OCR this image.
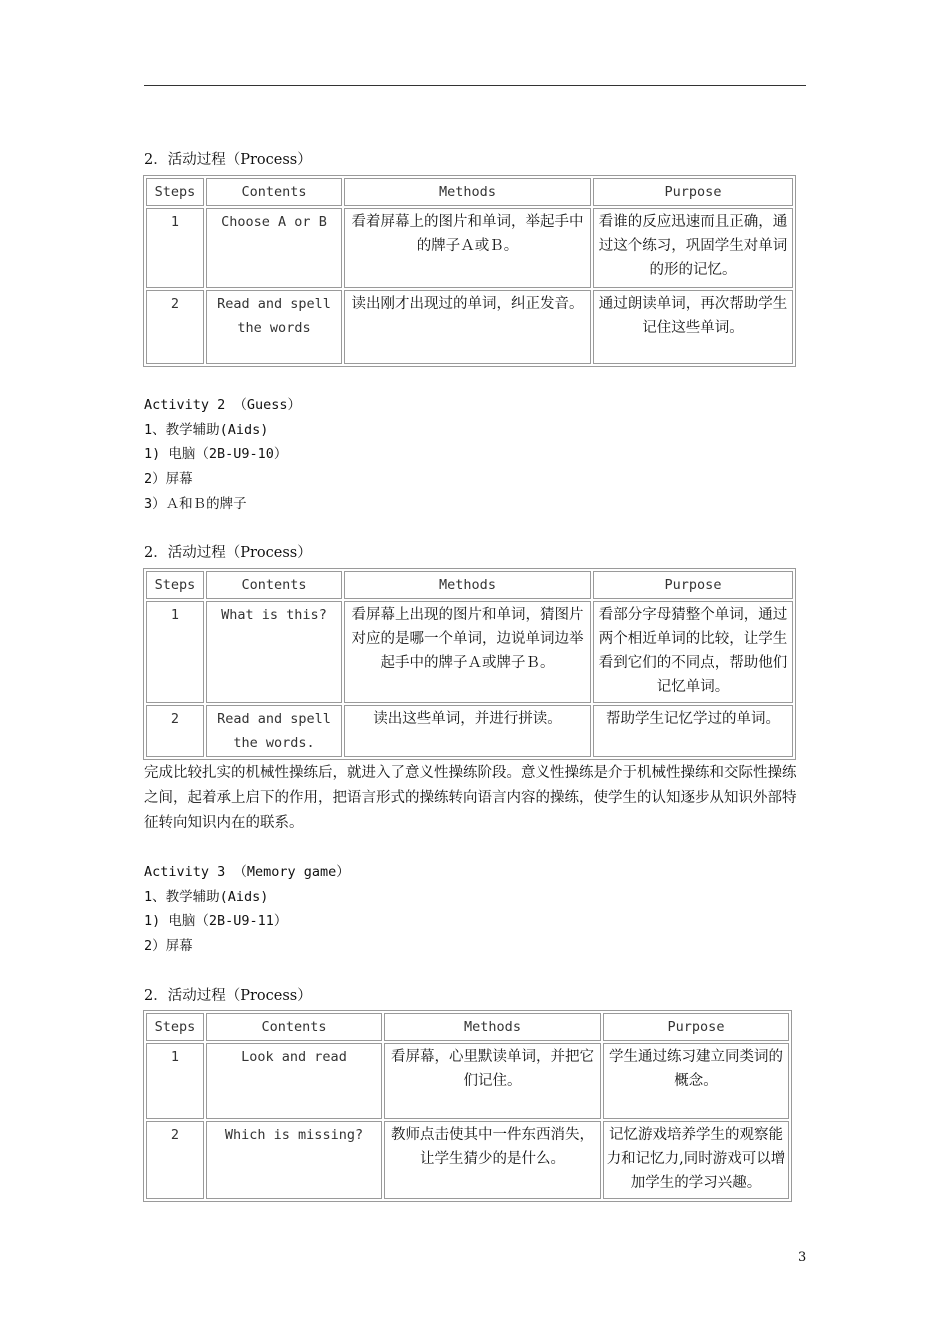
2．活动过程（Process）
Steps	Contents	Methods	Purpose
1	Choose A or B	看着屏幕上的图片和单词，举起手中的牌子Ａ或Ｂ。	看谁的反应迅速而且正确，通过这个练习，巩固学生对单词的形的记忆。
2	Read and spell the words	读出刚才出现过的单词，纠正发音。	通过朗读单词，再次帮助学生记住这些单词。
Activity 2 （Guess）
1、教学辅助(Aids)
1) 电脑（2B-U9-10）
2）屏幕
3）Ａ和Ｂ的牌子
2．活动过程（Process）
Steps	Contents	Methods	Purpose
1	What is this?	看屏幕上出现的图片和单词，猜图片对应的是哪一个单词，边说单词边举起手中的牌子Ａ或牌子Ｂ。	看部分字母猜整个单词，通过两个相近单词的比较，让学生看到它们的不同点，帮助他们记忆单词。
2	Read and spell the words.	读出这些单词，并进行拼读。	帮助学生记忆学过的单词。
完成比较扎实的机械性操练后，就进入了意义性操练阶段。意义性操练是介于机械性操练和交际性操练之间，起着承上启下的作用，把语言形式的操练转向语言内容的操练，使学生的认知逐步从知识外部特征转向知识内在的联系。
Activity 3 （Memory game）
1、教学辅助(Aids)
1) 电脑（2B-U9-11）
2）屏幕
2．活动过程（Process）
Steps	Contents	Methods	Purpose
1	Look and read	看屏幕，心里默读单词，并把它们记住。	学生通过练习建立同类词的概念。
2	Which is missing?	教师点击使其中一件东西消失，让学生猜少的是什么。	记忆游戏培养学生的观察能力和记忆力,同时游戏可以增加学生的学习兴趣。
3
